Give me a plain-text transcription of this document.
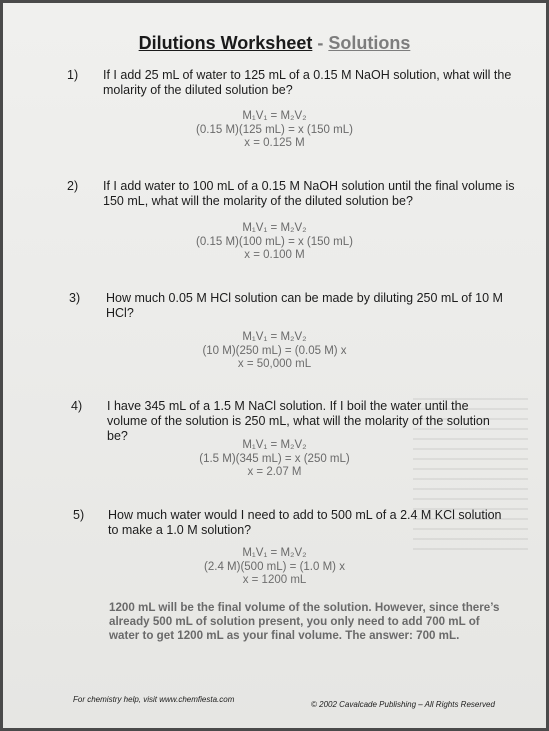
Dilutions Worksheet - Solutions
1) If I add 25 mL of water to 125 mL of a 0.15 M NaOH solution, what will the molarity of the diluted solution be?
M₁V₁ = M₂V₂
(0.15 M)(125 mL) = x (150 mL)
x = 0.125 M
2) If I add water to 100 mL of a 0.15 M NaOH solution until the final volume is 150 mL, what will the molarity of the diluted solution be?
M₁V₁ = M₂V₂
(0.15 M)(100 mL) = x (150 mL)
x = 0.100 M
3) How much 0.05 M HCl solution can be made by diluting 250 mL of 10 M HCl?
M₁V₁ = M₂V₂
(10 M)(250 mL) = (0.05 M) x
x = 50,000 mL
4) I have 345 mL of a 1.5 M NaCl solution. If I boil the water until the volume of the solution is 250 mL, what will the molarity of the solution be?
M₁V₁ = M₂V₂
(1.5 M)(345 mL) = x (250 mL)
x = 2.07 M
5) How much water would I need to add to 500 mL of a 2.4 M KCl solution to make a 1.0 M solution?
M₁V₁ = M₂V₂
(2.4 M)(500 mL) = (1.0 M) x
x = 1200 mL
1200 mL will be the final volume of the solution. However, since there’s already 500 mL of solution present, you only need to add 700 mL of water to get 1200 mL as your final volume. The answer: 700 mL.
For chemistry help, visit www.chemfiesta.com
© 2002 Cavalcade Publishing – All Rights Reserved
